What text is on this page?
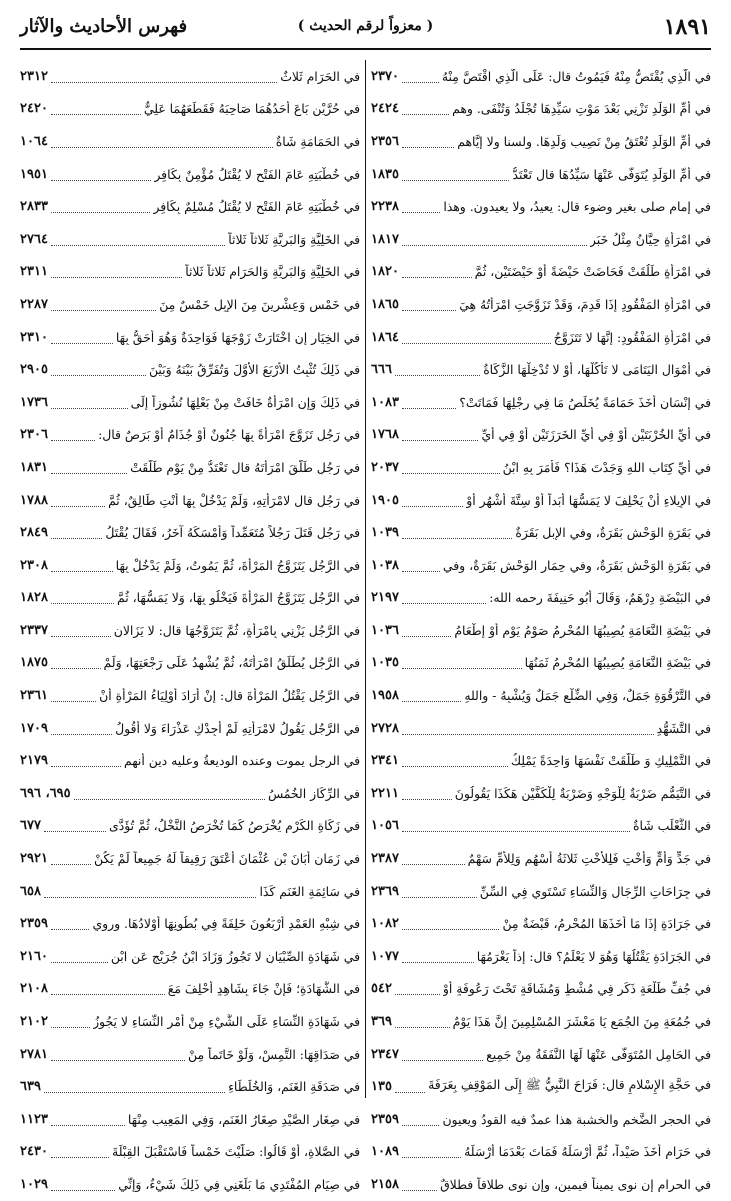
١٨٩١
( معزواً لرقم الحديث )
فهرس الأحاديث والآثار
في الَّذِي يُقْتَصُّ مِنْهُ فَيَمُوتُ قال: عَلَى الَّذِي اقْتَصَّ مِنْهُ
٢٣٧٠
في أُمِّ الوَلَدِ تَزْنِي بَعْدَ مَوْتِ سَيِّدِهَا تُجْلَدُ وَتُنْفَى. وهم
٢٤٢٤
في أُمِّ الوَلَدِ تُعْتَقُ مِنْ نَصِيبِ وَلَدِهَا. ولسنا ولا إِيَّاهم
٢٣٥٦
في أُمِّ الوَلَدِ يُتَوَفَّى عَنْهَا سَيِّدُهَا قال تَعْتَدُّ
١٨٣٥
في إمام صلى بغير وضوء قال: يعيدُ، ولا يعيدون. وهذا
٢٢٣٨
في امْرَأَةٍ حِيَّانُ مِثْلُ خَبَرِ
١٨١٧
في امْرَأَةٍ طَلُقَتْ فَحَاضَتْ حَيْضَةً أَوْ حَيْضَتَيْنِ، ثُمَّ
١٨٢٠
في امْرَأَةِ المَفْقُودِ إِذَا قَدِمَ، وَقَدْ تَزَوَّجَتِ امْرَأَتُهُ هِيَ
١٨٦٥
في امْرَأَةِ المَفْقُودِ: إِنَّهَا لا تَتَزَوَّجُ
١٨٦٤
في أَمْوَالِ اليَتَامَى لا تَأْكُلْهَا، أَوْ لا تُدْخِلْهَا الزَّكَاةُ
٦٦٦
في إِنْسَانٍ أَخَذَ حَمَامَةً يُخَلِّصُ مَا فِي رِجْلِهَا فَمَاتَتْ؟
١٠٨٣
في أَيِّ الخُرْبَتَيْنِ أَوْ فِي أَيِّ الخَرَزَتَيْنِ أَوْ فِي أَيِّ
١٧٦٨
في أَيِّ كِتَابِ اللهِ وَجَدْتَ هَذَا؟ فَأَمَرَ بِهِ ابْنُ
٢٠٣٧
في الإِيلاءِ أَنْ يَحْلِفَ لا يَمَسُّهَا أَبَداً أَوْ سِتَّةَ أَشْهُرٍ أَوْ
١٩٠٥
في بَقَرَةِ الوَحْشِ بَقَرَةٌ، وفي الإبل بَقَرَةٌ
١٠٣٩
في بَقَرَةِ الوَحْشِ بَقَرَةٌ، وفي حِمَارِ الوَحْشِ بَقَرَةٌ، وفي
١٠٣٨
في البَيْضَةِ دِرْهَمٌ، وَقَالَ أَبُو حَنِيفَةَ رحمه الله:
٢١٩٧
في بَيْضَةِ النَّعَامَةِ يُصِيبُهَا المُحْرِمُ صَوْمُ يَوْمٍ أَوْ إِطْعَامُ
١٠٣٦
في بَيْضَةِ النَّعَامَةِ يُصِيبُهَا المُحْرِمُ ثَمَنُهَا
١٠٣٥
في التَّرْقُوَةِ جَمَلٌ، وَفِي الضِّلْعِ جَمَلٌ وَيُشْبِهُ - واللهِ
١٩٥٨
في التَّشَهُّدِ
٢٧٢٨
في التَّمْلِيكِ وَ طَلَّقَتْ نَفْسَهَا وَاحِدَةً يَمْلِكُ
٢٣٤١
في التَّيَمُّمِ ضَرْبَةٌ لِلْوَجْهِ وَضَرْبَةٌ لِلْكَفَّيْنِ هَكَذَا يَقُولُونَ
٢٢١١
في الثَّعْلَبِ شَاةٌ
١٠٥٦
في جَدٍّ وَأُمٍّ وَأُخْتٍ فَلِلأُخْتِ ثَلاثَةُ أَسْهُمٍ وَلِلأُمِّ سَهْمٌ
٢٣٨٧
في جِرَاحَاتِ الرِّجَالِ وَالنِّسَاءِ تَسْتَوِي فِي السِّنِّ
٢٣٦٩
في جَرَادَةٍ إِذَا مَا أَخَذَهَا المُحْرِمُ، قَبْضَةٌ مِنْ
١٠٨٢
في الجَرَادَةِ يَقْتُلُهَا وَهُوَ لا يَعْلَمُ؟ قال: إِذاً يَغْرَمُهَا
١٠٧٧
في جُفِّ طَلْعَةٍ ذَكَرٍ فِي مُشْطٍ وَمُشَاقَةٍ تَحْتَ رَعُوفَةٍ أَوْ
٥٤٢
في جُمُعَةٍ مِنَ الجُمَعِ يَا مَعْشَرَ المُسْلِمِينَ إِنَّ هَذَا يَوْمٌ
٣٦٩
في الحَامِلِ المُتَوَفَّى عَنْهَا لَهَا النَّفَقَةُ مِنْ جَمِيعِ
٢٣٤٧
في حَجَّةِ الإِسْلامِ قال: فَرَاحَ النَّبِيُّ ﷺ إِلَى المَوْقِفِ بِعَرَفَةَ
١٣٥
في الحجر الضَّخم والخشبة هذا عمدٌ فيه القودُ ويعيون
٢٣٥٩
في حَرَامٍ أَخَذَ صَيْداً، ثُمَّ أَرْسَلَهُ فَمَاتَ بَعْدَمَا أَرْسَلَهُ
١٠٨٩
في الحرام إن نوى يميناً فيمين، وإن نوى طلاقاً فطلاقٌ
٢١٥٨
في الحَرَامِ ثَلاثٌ
٢٣١٢
في حُرَّيْنِ بَاعَ أَحَدُهُمَا صَاحِبَهُ فَقَطَعَهُمَا عَلِيٌّ
٢٤٢٠
في الحَمَامَةِ شَاةٌ
١٠٦٤
في خُطْبَتِهِ عَامَ الفَتْحِ لا يُقْتَلُ مُؤْمِنٌ بِكَافِرٍ
١٩٥١
في خُطْبَتِهِ عَامَ الفَتْحِ لا يُقْتَلُ مُسْلِمٌ بِكَافِرٍ
٢٨٣٣
في الخَلِيَّةِ وَالبَرِيَّةِ ثَلاثاً ثَلاثاً
٢٧٦٤
في الخَلِيَّةِ وَالبَرِيَّةِ وَالحَرَامِ ثَلاثاً ثَلاثاً
٢٣١١
في خَمْسٍ وَعِشْرِينَ مِنَ الإِبِلِ خَمْسٌ مِنَ
٢٢٨٧
في الخِيَارِ إِنِ اخْتَارَتْ زَوْجَهَا فَوَاحِدَةٌ وَهُوَ أَحَقُّ بِهَا
٢٣١٠
في ذَلِكَ تُثْبِتُ الأَرْبَعَ الأَوَّلَ وَتُفَرِّقُ بَيْنَهُ وَبَيْنَ
٢٩٠٥
في ذَلِكَ وَإِنِ امْرَأَةٌ خَافَتْ مِنْ بَعْلِهَا نُشُوزاً إِلَى
١٧٣٦
في رَجُلٍ تَزَوَّجَ امْرَأَةً بِهَا جُنُونٌ أَوْ جُذَامٌ أَوْ بَرَصٌ قال:
٢٣٠٦
في رَجُلٍ طَلَّقَ امْرَأَتَهُ قال تَعْتَدُّ مِنْ يَوْمِ طَلَّقَتْ
١٨٣١
في رَجُلٍ قال لامْرَأَتِهِ، وَلَمْ يَدْخُلْ بِهَا أَنْتِ طَالِقٌ، ثُمَّ
١٧٨٨
في رَجُلٍ قَتَلَ رَجُلاً مُتَعَمِّداً وَأَمْسَكَهُ آخَرُ، فَقَالَ يُقْتَلُ
٢٨٤٩
في الرَّجُلِ يَتَزَوَّجُ المَرْأَةَ، ثُمَّ يَمُوتُ، وَلَمْ يَدْخُلْ بِهَا
٢٣٠٨
في الرَّجُلِ يَتَزَوَّجُ المَرْأَةَ فَيَخْلُو بِهَا، وَلا يَمَسُّهَا، ثُمَّ
١٨٢٨
في الرَّجُلِ يَزْنِي بِامْرَأَةٍ، ثُمَّ يَتَزَوَّجُهَا قال: لا يَزَالانِ
٢٣٣٧
في الرَّجُلِ يُطَلِّقُ امْرَأَتَهُ، ثُمَّ يُشْهِدُ عَلَى رَجْعَتِهَا، وَلَمْ
١٨٧٥
في الرَّجُلِ يَقْتُلُ المَرْأَةَ قال: إِنْ أَرَادَ أَوْلِيَاءُ المَرْأَةِ أَنْ
٢٣٦١
في الرَّجُلِ يَقُولُ لامْرَأَتِهِ لَمْ أَجِدْكِ عَذْرَاءَ وَلا أَقُولُ
١٧٠٩
في الرجل يموت وعنده الوديعةُ وعليه دين أنهم
٢١٧٩
في الرِّكَازِ الخُمُسُ
٦٩٥، ٦٩٦
في زَكَاةِ الكَرْمِ يُخْرَصُ كَمَا تُخْرَصُ النَّخْلُ، ثُمَّ تُؤَدَّى
٦٧٧
في زَمَانِ أَبَانَ بْنِ عُثْمَانَ أَعْتَقَ رَقِيقاً لَهُ جَمِيعاً لَمْ يَكُنْ
٢٩٢١
في سَائِمَةِ الغَنَمِ كَذَا
٦٥٨
في شِبْهِ العَمْدِ أَرْبَعُونَ خَلِفَةً فِي بُطُونِهَا أَوْلادُهَا. وروي
٢٣٥٩
في شَهَادَةِ الصِّبْيَانِ لا تَجُوزُ وَزَادَ ابْنُ جُرَيْجٍ عَنِ ابْنِ
٢١٦٠
في الشَّهَادَةِ؛ فَإِنْ جَاءَ بِشَاهِدٍ أُحْلِفَ مَعَ
٢١٠٨
في شَهَادَةِ النِّسَاءِ عَلَى الشَّيْءِ مِنْ أَمْرِ النِّسَاءِ لا يَجُوزُ
٢١٠٢
في صَدَاقِهَا: التَّمِسْ، وَلَوْ خَاتَماً مِنْ
٢٧٨١
في صَدَقَةِ الغَنَمِ، وَالخُلَطَاءِ
٦٣٩
في صِغَارِ الصَّيْدِ صِغَارُ الغَنَمِ، وَفِي المَعِيبِ مِنْهَا
١١٢٣
في الصَّلاةِ، أَوْ قَالُوا: صَلَّيْتَ خَمْساً فَاسْتَقْبَلَ القِبْلَةَ
٢٤٣٠
في صِيَامِ المُفْتَدِي مَا بَلَغَنِي فِي ذَلِكَ شَيْءٌ، وَإِنِّي
١٠٢٩
